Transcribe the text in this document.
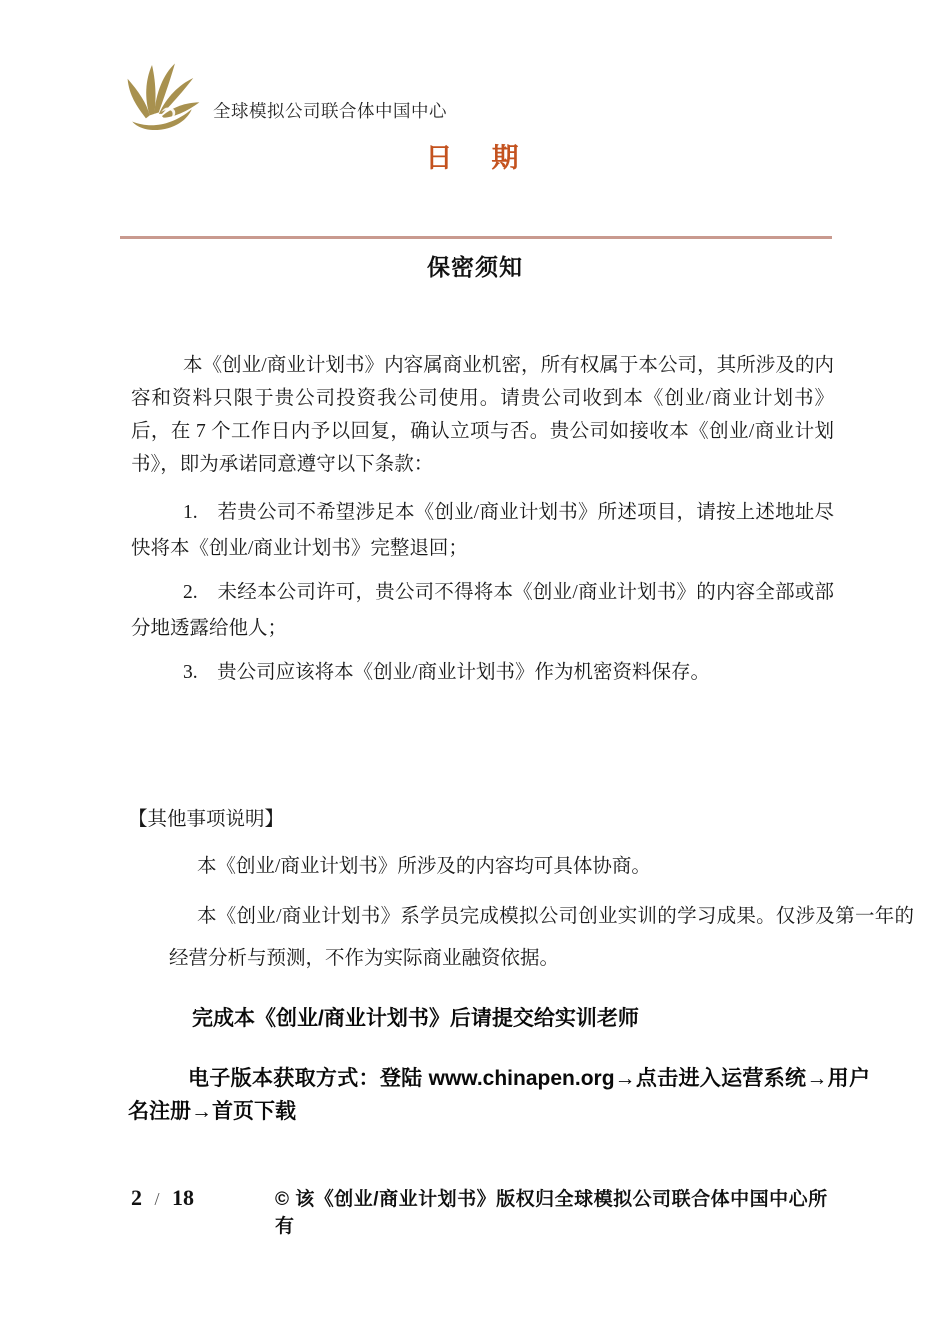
全球模拟公司联合体中国中心
日　期
保密须知

本《创业/商业计划书》内容属商业机密，所有权属于本公司，其所涉及的内容和资料只限于贵公司投资我公司使用。请贵公司收到本《创业/商业计划书》后，在 7 个工作日内予以回复，确认立项与否。贵公司如接收本《创业/商业计划书》，即为承诺同意遵守以下条款：

1.　若贵公司不希望涉足本《创业/商业计划书》所述项目，请按上述地址尽快将本《创业/商业计划书》完整退回；

2.　未经本公司许可，贵公司不得将本《创业/商业计划书》的内容全部或部分地透露给他人；

3.　贵公司应该将本《创业/商业计划书》作为机密资料保存。

【其他事项说明】

本《创业/商业计划书》所涉及的内容均可具体协商。

本《创业/商业计划书》系学员完成模拟公司创业实训的学习成果。仅涉及第一年的经营分析与预测，不作为实际商业融资依据。

完成本《创业/商业计划书》后请提交给实训老师

电子版本获取方式：登陆 www.chinapen.org→点击进入运营系统→用户名注册→首页下载

2 / 18	© 该《创业/商业计划书》版权归全球模拟公司联合体中国中心所有
